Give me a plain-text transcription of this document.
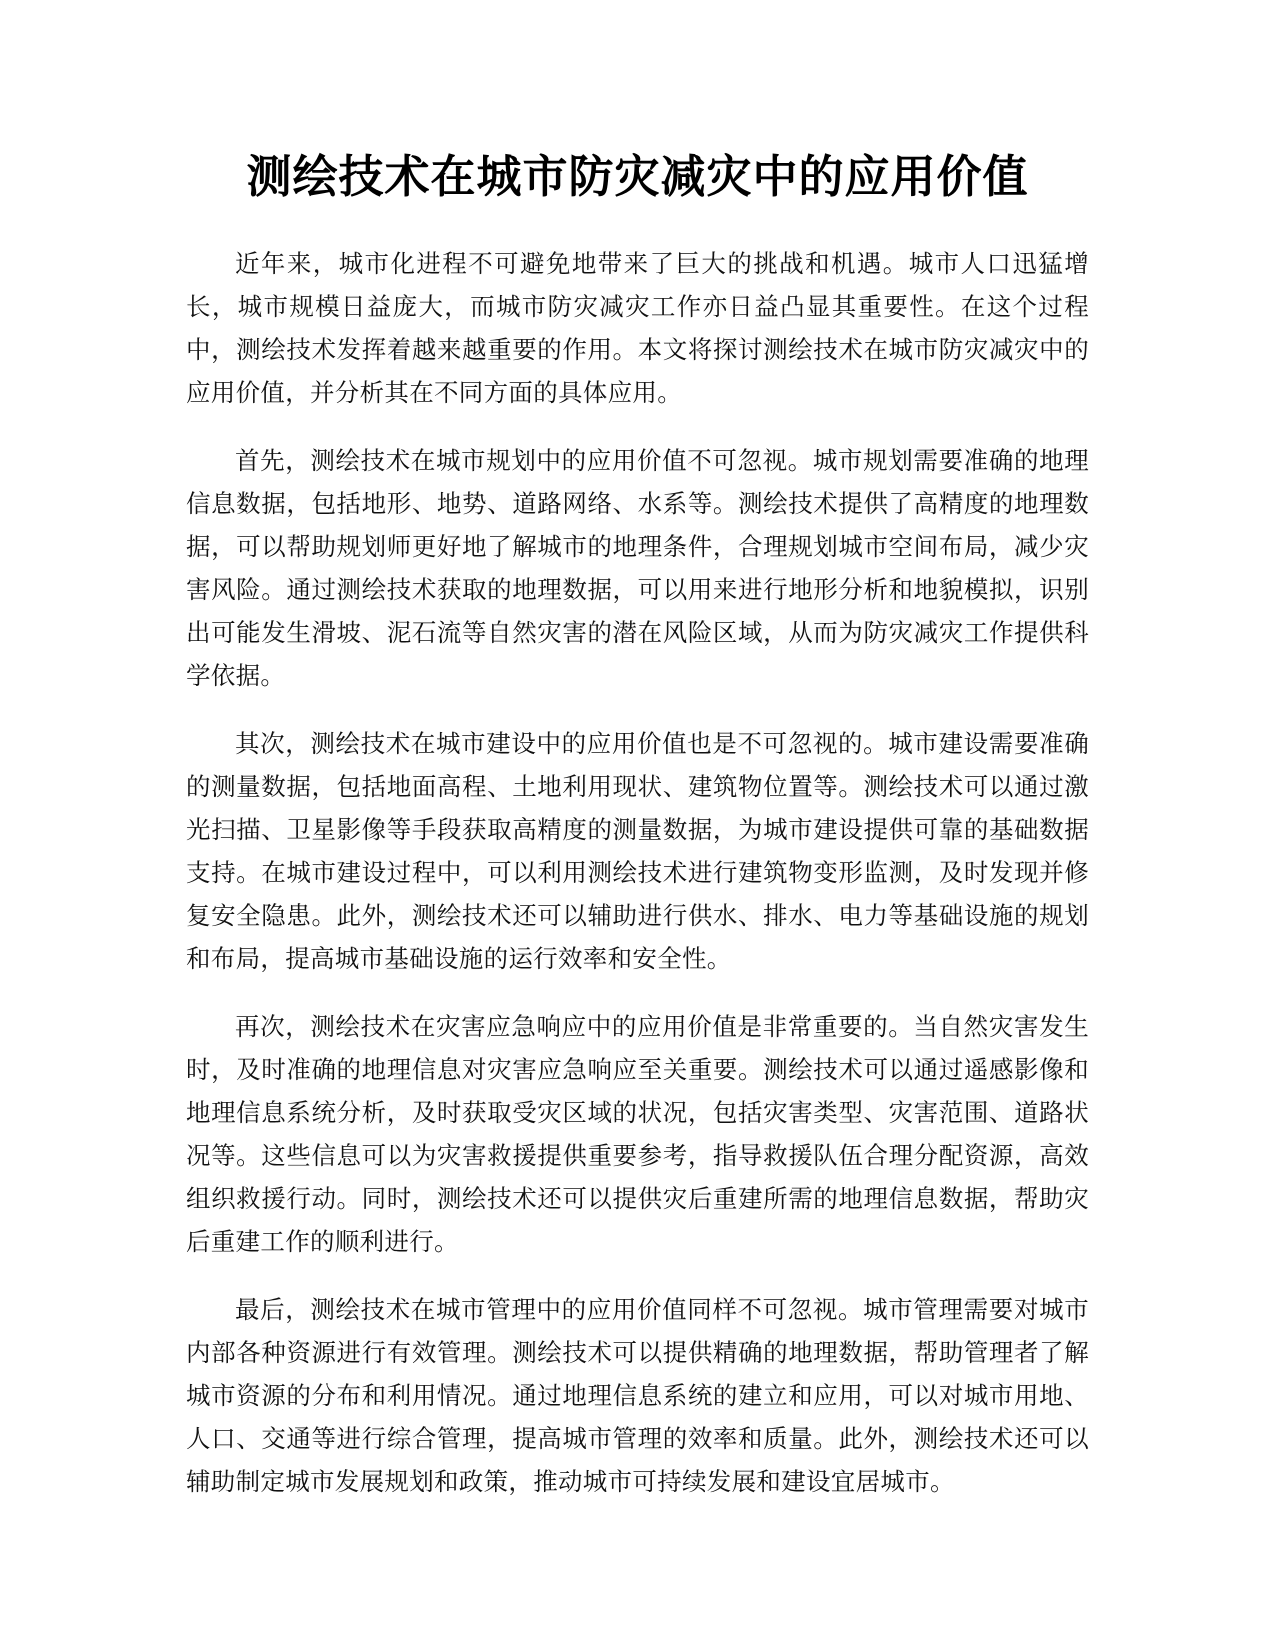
测绘技术在城市防灾减灾中的应用价值

近年来，城市化进程不可避免地带来了巨大的挑战和机遇。城市人口迅猛增长，城市规模日益庞大，而城市防灾减灾工作亦日益凸显其重要性。在这个过程中，测绘技术发挥着越来越重要的作用。本文将探讨测绘技术在城市防灾减灾中的应用价值，并分析其在不同方面的具体应用。

首先，测绘技术在城市规划中的应用价值不可忽视。城市规划需要准确的地理信息数据，包括地形、地势、道路网络、水系等。测绘技术提供了高精度的地理数据，可以帮助规划师更好地了解城市的地理条件，合理规划城市空间布局，减少灾害风险。通过测绘技术获取的地理数据，可以用来进行地形分析和地貌模拟，识别出可能发生滑坡、泥石流等自然灾害的潜在风险区域，从而为防灾减灾工作提供科学依据。

其次，测绘技术在城市建设中的应用价值也是不可忽视的。城市建设需要准确的测量数据，包括地面高程、土地利用现状、建筑物位置等。测绘技术可以通过激光扫描、卫星影像等手段获取高精度的测量数据，为城市建设提供可靠的基础数据支持。在城市建设过程中，可以利用测绘技术进行建筑物变形监测，及时发现并修复安全隐患。此外，测绘技术还可以辅助进行供水、排水、电力等基础设施的规划和布局，提高城市基础设施的运行效率和安全性。

再次，测绘技术在灾害应急响应中的应用价值是非常重要的。当自然灾害发生时，及时准确的地理信息对灾害应急响应至关重要。测绘技术可以通过遥感影像和地理信息系统分析，及时获取受灾区域的状况，包括灾害类型、灾害范围、道路状况等。这些信息可以为灾害救援提供重要参考，指导救援队伍合理分配资源，高效组织救援行动。同时，测绘技术还可以提供灾后重建所需的地理信息数据，帮助灾后重建工作的顺利进行。

最后，测绘技术在城市管理中的应用价值同样不可忽视。城市管理需要对城市内部各种资源进行有效管理。测绘技术可以提供精确的地理数据，帮助管理者了解城市资源的分布和利用情况。通过地理信息系统的建立和应用，可以对城市用地、人口、交通等进行综合管理，提高城市管理的效率和质量。此外，测绘技术还可以辅助制定城市发展规划和政策，推动城市可持续发展和建设宜居城市。
